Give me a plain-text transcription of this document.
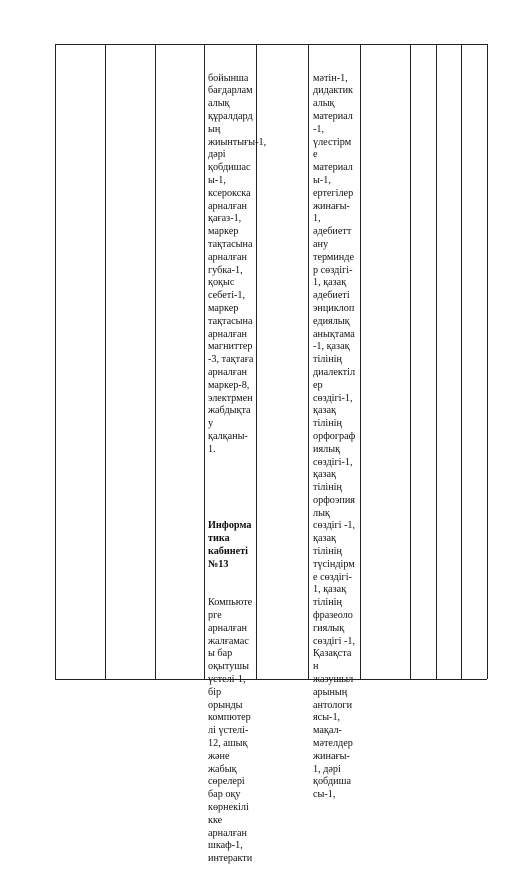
бойынша
бағдарлам
алық
құралдард
ың
жиынтығы-1,
дәрі
қобдишас
ы-1,
ксерокска
арналған
қағаз-1,
маркер
тақтасына
арналған
губка-1,
қоқыс
себеті-1,
маркер
тақтасына
арналған
магниттер
-3, тақтаға
арналған
маркер-8,
электрмен
жабдықта
у
қалқаны-
1.

Информа
тика
кабинеті
№13

Компьюте
рге
арналған
жалғамас
ы бар
оқытушы
үстелі-1,
бір
орынды
компютер
лі үстелі-
12, ашық
және
жабық
сөрелері
бар оқу
көрнекілі
кке
арналған
шкаф-1,
интеракти

мәтін-1,
дидактик
алық
материал
-1,
үлестірм
е
материал
ы-1,
ертегілер
жинағы-
1,
әдебиетт
ану
терминде
р сөздігі-
1, қазақ
әдебиеті
энциклоп
едиялық
анықтама
-1, қазақ
тілінің
диалектіл
ер
сөздігі-1,
қазақ
тілінің
орфограф
иялық
сөздігі-1,
қазақ
тілінің
орфоэпия
лық
сөздігі -1,
қазақ
тілінің
түсіндірм
е сөздігі-
1, қазақ
тілінің
фразеоло
гиялық
сөздігі -1,
Қазақста
н
жазушыл
арының
антологи
ясы-1,
мақал-
мәтелдер
жинағы-
1, дәрі
қобдиша
сы-1,
